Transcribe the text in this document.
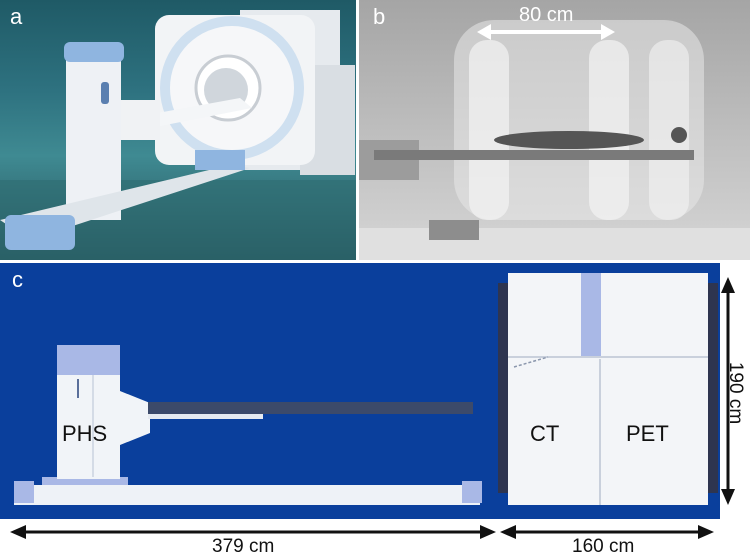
a	b	80 cm
c
PHS	CT	PET
190 cm
379 cm	160 cm
